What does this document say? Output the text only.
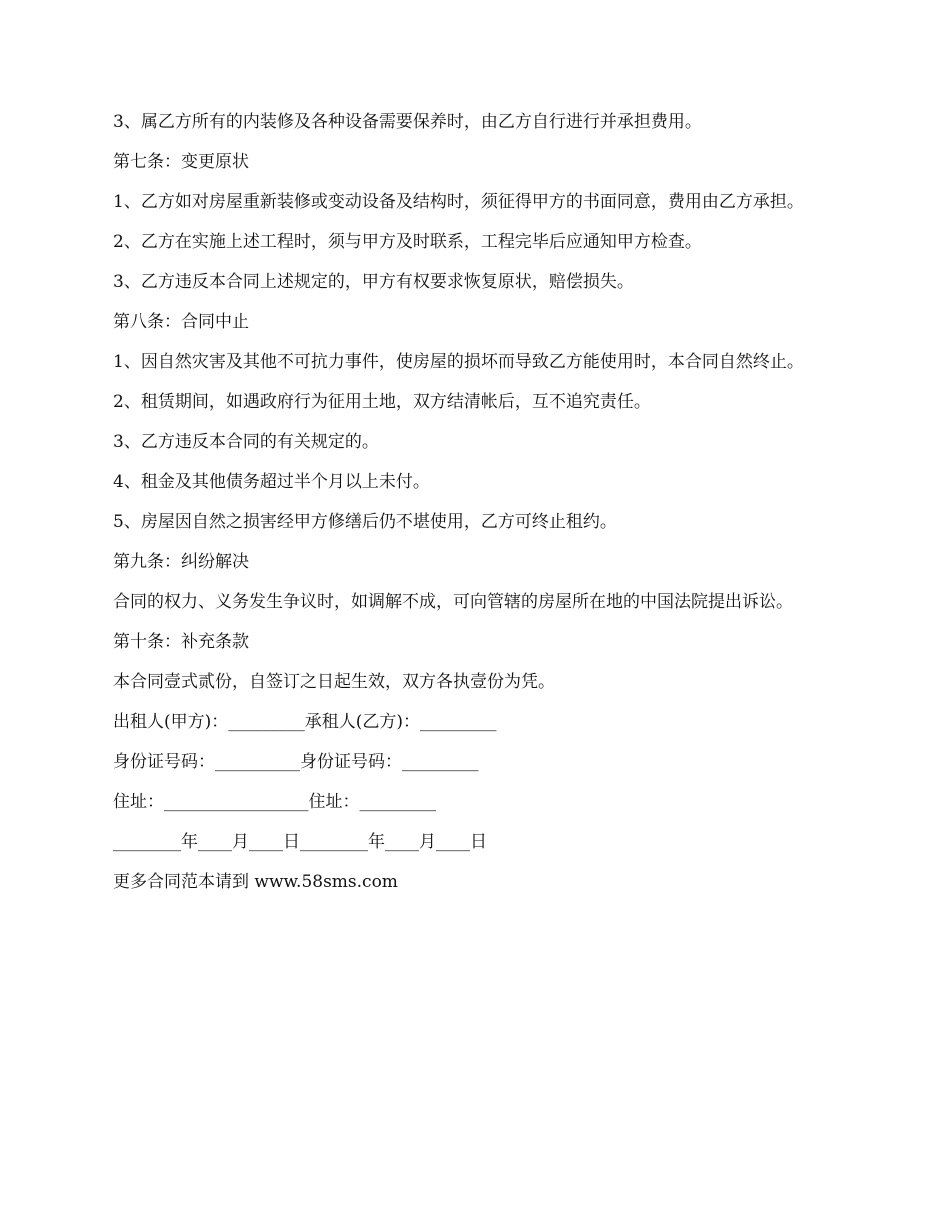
3、属乙方所有的内装修及各种设备需要保养时，由乙方自行进行并承担费用。

第七条：变更原状

1、乙方如对房屋重新装修或变动设备及结构时，须征得甲方的书面同意，费用由乙方承担。

2、乙方在实施上述工程时，须与甲方及时联系，工程完毕后应通知甲方检查。

3、乙方违反本合同上述规定的，甲方有权要求恢复原状，赔偿损失。

第八条：合同中止

1、因自然灾害及其他不可抗力事件，使房屋的损坏而导致乙方能使用时，本合同自然终止。

2、租赁期间，如遇政府行为征用土地，双方结清帐后，互不追究责任。

3、乙方违反本合同的有关规定的。

4、租金及其他债务超过半个月以上未付。

5、房屋因自然之损害经甲方修缮后仍不堪使用，乙方可终止租约。

第九条：纠纷解决

合同的权力、义务发生争议时，如调解不成，可向管辖的房屋所在地的中国法院提出诉讼。

第十条：补充条款

本合同壹式贰份，自签订之日起生效，双方各执壹份为凭。

出租人(甲方)：_________承租人(乙方)：_________

身份证号码：__________身份证号码：_________

住址：_________________住址：_________

________年____月____日________年____月____日

更多合同范本请到 www.58sms.com
